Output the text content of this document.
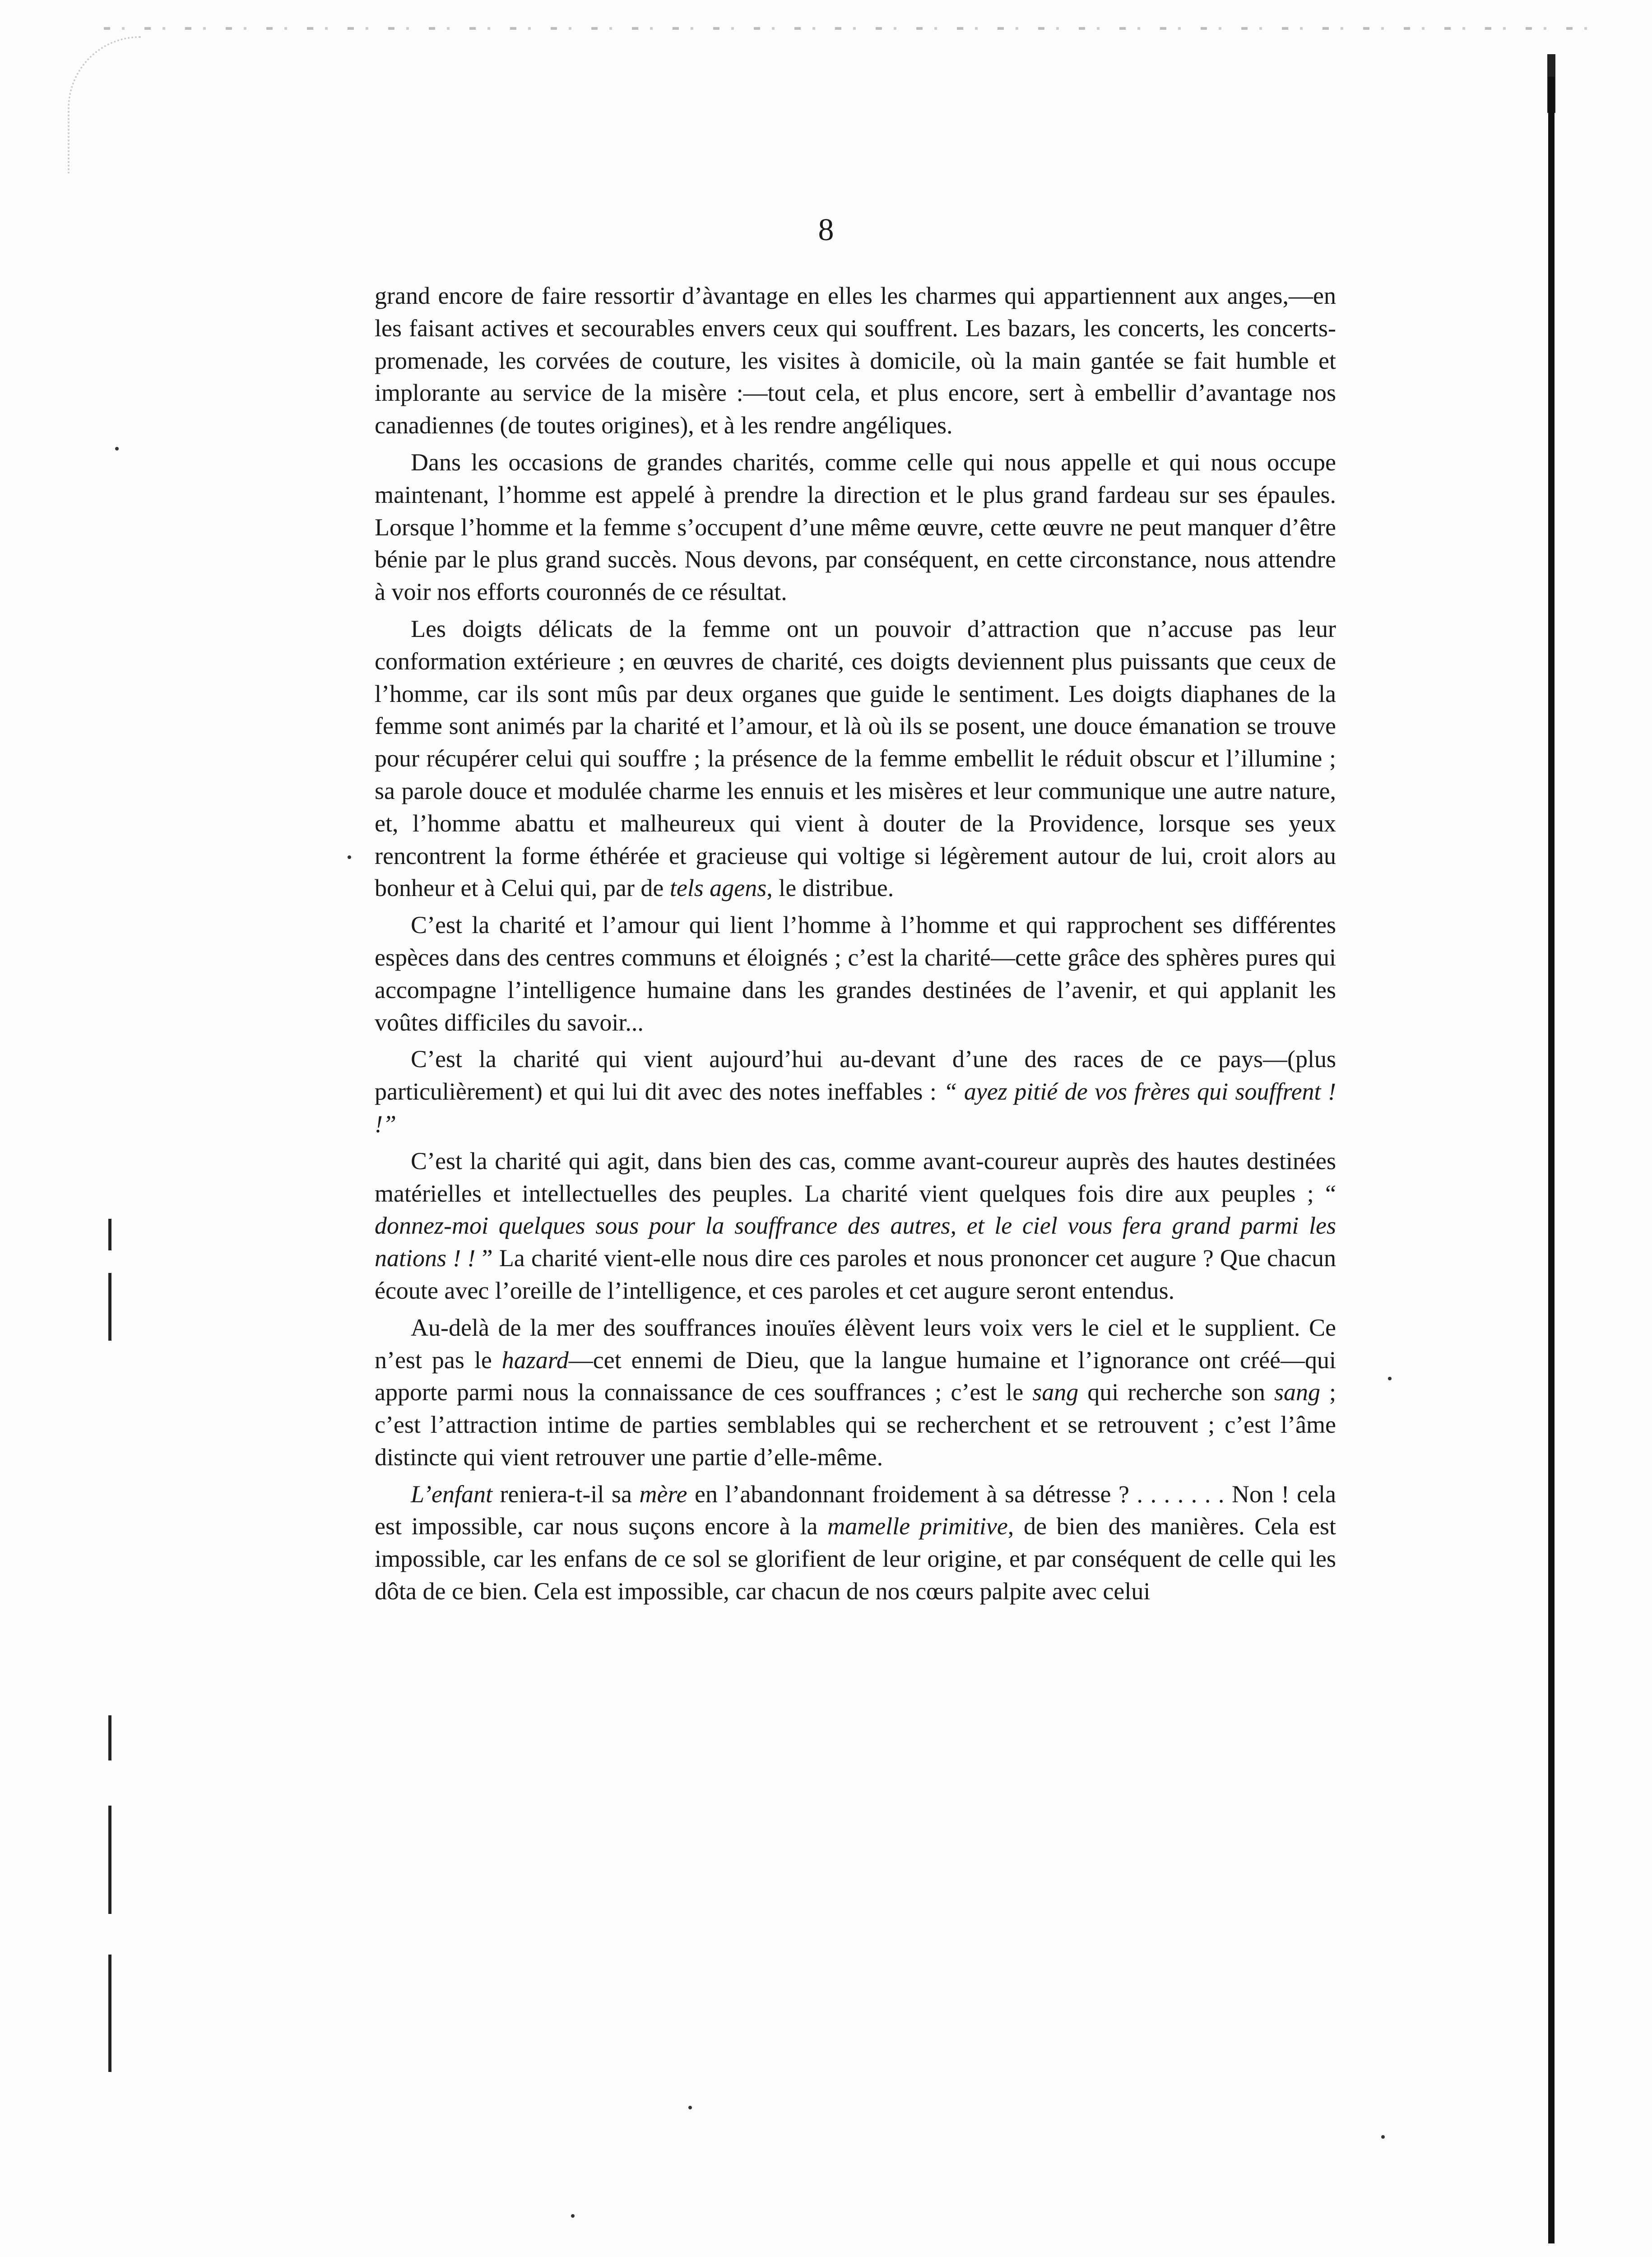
8

grand encore de faire ressortir d’àvantage en elles les charmes qui appartiennent aux anges,—en les faisant actives et secourables envers ceux qui souffrent. Les bazars, les concerts, les concerts-promenade, les corvées de couture, les visites à domicile, où la main gantée se fait humble et implorante au service de la misère :—tout cela, et plus encore, sert à embellir d’avantage nos canadiennes (de toutes origines), et à les rendre angéliques.

Dans les occasions de grandes charités, comme celle qui nous appelle et qui nous occupe maintenant, l’homme est appelé à prendre la direction et le plus grand fardeau sur ses épaules. Lorsque l’homme et la femme s’occupent d’une même œuvre, cette œuvre ne peut manquer d’être bénie par le plus grand succès. Nous devons, par conséquent, en cette circonstance, nous attendre à voir nos efforts couronnés de ce résultat.

Les doigts délicats de la femme ont un pouvoir d’attraction que n’accuse pas leur conformation extérieure ; en œuvres de charité, ces doigts deviennent plus puissants que ceux de l’homme, car ils sont mûs par deux organes que guide le sentiment. Les doigts diaphanes de la femme sont animés par la charité et l’amour, et là où ils se posent, une douce émanation se trouve pour récupérer celui qui souffre ; la présence de la femme embellit le réduit obscur et l’illumine ; sa parole douce et modulée charme les ennuis et les misères et leur communique une autre nature, et, l’homme abattu et malheureux qui vient à douter de la Providence, lorsque ses yeux rencontrent la forme éthérée et gracieuse qui voltige si légèrement autour de lui, croit alors au bonheur et à Celui qui, par de tels agens, le distribue.

C’est la charité et l’amour qui lient l’homme à l’homme et qui rapprochent ses différentes espèces dans des centres communs et éloignés ; c’est la charité—cette grâce des sphères pures qui accompagne l’intelligence humaine dans les grandes destinées de l’avenir, et qui applanit les voûtes difficiles du savoir...

C’est la charité qui vient aujourd’hui au-devant d’une des races de ce pays—(plus particulièrement) et qui lui dit avec des notes ineffables : “ ayez pitié de vos frères qui souffrent ! !”

C’est la charité qui agit, dans bien des cas, comme avant-coureur auprès des hautes destinées matérielles et intellectuelles des peuples. La charité vient quelques fois dire aux peuples ; “ donnez-moi quelques sous pour la souffrance des autres, et le ciel vous fera grand parmi les nations ! ! ” La charité vient-elle nous dire ces paroles et nous prononcer cet augure ? Que chacun écoute avec l’oreille de l’intelligence, et ces paroles et cet augure seront entendus.

Au-delà de la mer des souffrances inouïes élèvent leurs voix vers le ciel et le supplient. Ce n’est pas le hazard—cet ennemi de Dieu, que la langue humaine et l’ignorance ont créé—qui apporte parmi nous la connaissance de ces souffrances ; c’est le sang qui recherche son sang ; c’est l’attraction intime de parties semblables qui se recherchent et se retrouvent ; c’est l’âme distincte qui vient retrouver une partie d’elle-même.

L’enfant reniera-t-il sa mère en l’abandonnant froidement à sa détresse ? . . . . . . . Non ! cela est impossible, car nous suçons encore à la mamelle primitive, de bien des manières. Cela est impossible, car les enfans de ce sol se glorifient de leur origine, et par conséquent de celle qui les dôta de ce bien. Cela est impossible, car chacun de nos cœurs palpite avec celui
